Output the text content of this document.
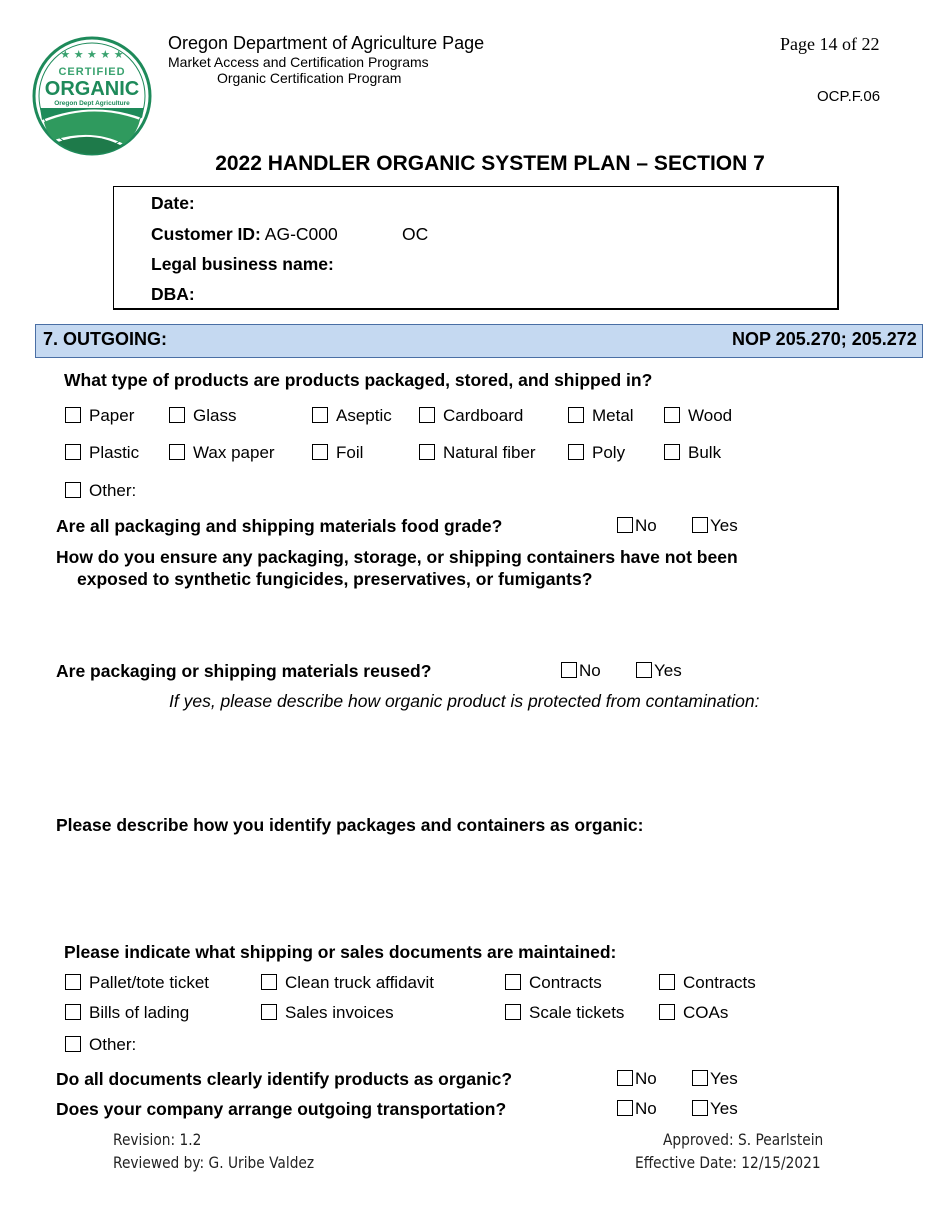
★ ★ ★ ★ ★
CERTIFIED
ORGANIC
Oregon Dept Agriculture
Oregon Department of Agriculture Page
Market Access and Certification Programs
Organic Certification Program
Page 14 of 22
OCP.F.06
2022 HANDLER ORGANIC SYSTEM PLAN – SECTION 7
Date:
Customer ID: AG-C000	OC
Legal business name:
DBA:
7. OUTGOING:	NOP 205.270; 205.272
What type of products are products packaged, stored, and shipped in?
Paper	Glass	Aseptic	Cardboard	Metal	Wood
Plastic	Wax paper	Foil	Natural fiber	Poly	Bulk
Other:
Are all packaging and shipping materials food grade?	No	Yes
How do you ensure any packaging, storage, or shipping containers have not been
exposed to synthetic fungicides, preservatives, or fumigants?
Are packaging or shipping materials reused?	No	Yes
If yes, please describe how organic product is protected from contamination:
Please describe how you identify packages and containers as organic:
Please indicate what shipping or sales documents are maintained:
Pallet/tote ticket	Clean truck affidavit	Contracts	Contracts
Bills of lading	Sales invoices	Scale tickets	COAs
Other:
Do all documents clearly identify products as organic?	No	Yes
Does your company arrange outgoing transportation?	No	Yes
Revision: 1.2
Reviewed by: G. Uribe Valdez
Approved: S. Pearlstein
Effective Date: 12/15/2021
